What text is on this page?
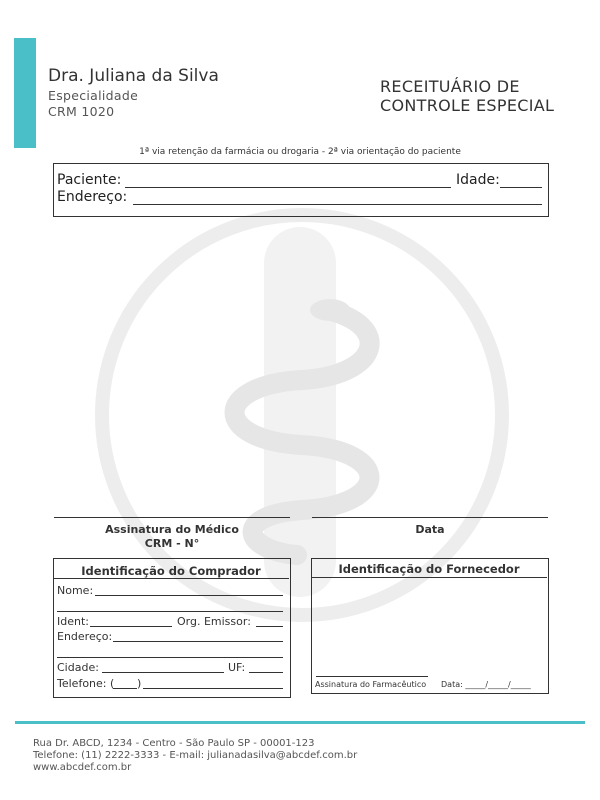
Dra. Juliana da Silva
Especialidade
CRM 1020
RECEITUÁRIO DE
CONTROLE ESPECIAL
1ª via retenção da farmácia ou drogaria - 2ª via orientação do paciente
Paciente:	Idade:
Endereço:
Assinatura do Médico
CRM - N°
Data
Identificação do Comprador
Nome:
Ident:	Org. Emissor:
Endereço:
Cidade:	UF:
Telefone: ( )
Identificação do Fornecedor
Assinatura do Farmacêutico Data: _____/_____/_____
Rua Dr. ABCD, 1234 - Centro - São Paulo SP - 00001-123
Telefone: (11) 2222-3333 - E-mail: julianadasilva@abcdef.com.br
www.abcdef.com.br
